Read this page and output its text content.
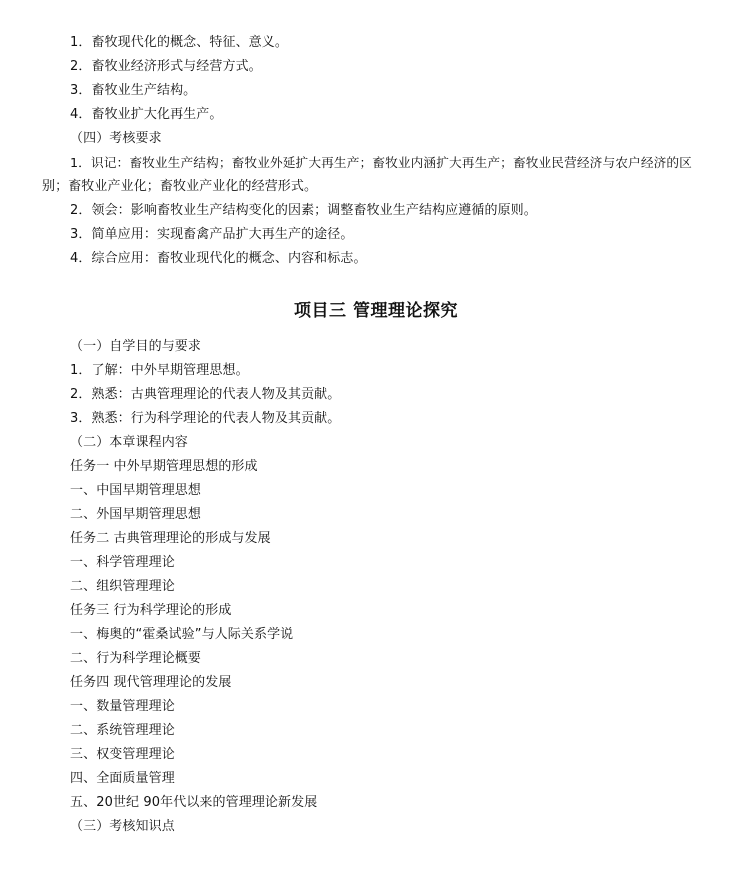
1．畜牧现代化的概念、特征、意义。
2．畜牧业经济形式与经营方式。
3．畜牧业生产结构。
4．畜牧业扩大化再生产。
（四）考核要求
1．识记：畜牧业生产结构；畜牧业外延扩大再生产；畜牧业内涵扩大再生产；畜牧业民营经济与农户经济的区
别；畜牧业产业化；畜牧业产业化的经营形式。
2．领会：影响畜牧业生产结构变化的因素；调整畜牧业生产结构应遵循的原则。
3．简单应用：实现畜禽产品扩大再生产的途径。
4．综合应用：畜牧业现代化的概念、内容和标志。
项目三 管理理论探究
（一）自学目的与要求
1．了解：中外早期管理思想。
2．熟悉：古典管理理论的代表人物及其贡献。
3．熟悉：行为科学理论的代表人物及其贡献。
（二）本章课程内容
任务一 中外早期管理思想的形成
一、中国早期管理思想
二、外国早期管理思想
任务二 古典管理理论的形成与发展
一、科学管理理论
二、组织管理理论
任务三 行为科学理论的形成
一、梅奥的“霍桑试验”与人际关系学说
二、行为科学理论概要
任务四 现代管理理论的发展
一、数量管理理论
二、系统管理理论
三、权变管理理论
四、全面质量管理
五、20世纪 90年代以来的管理理论新发展
（三）考核知识点
